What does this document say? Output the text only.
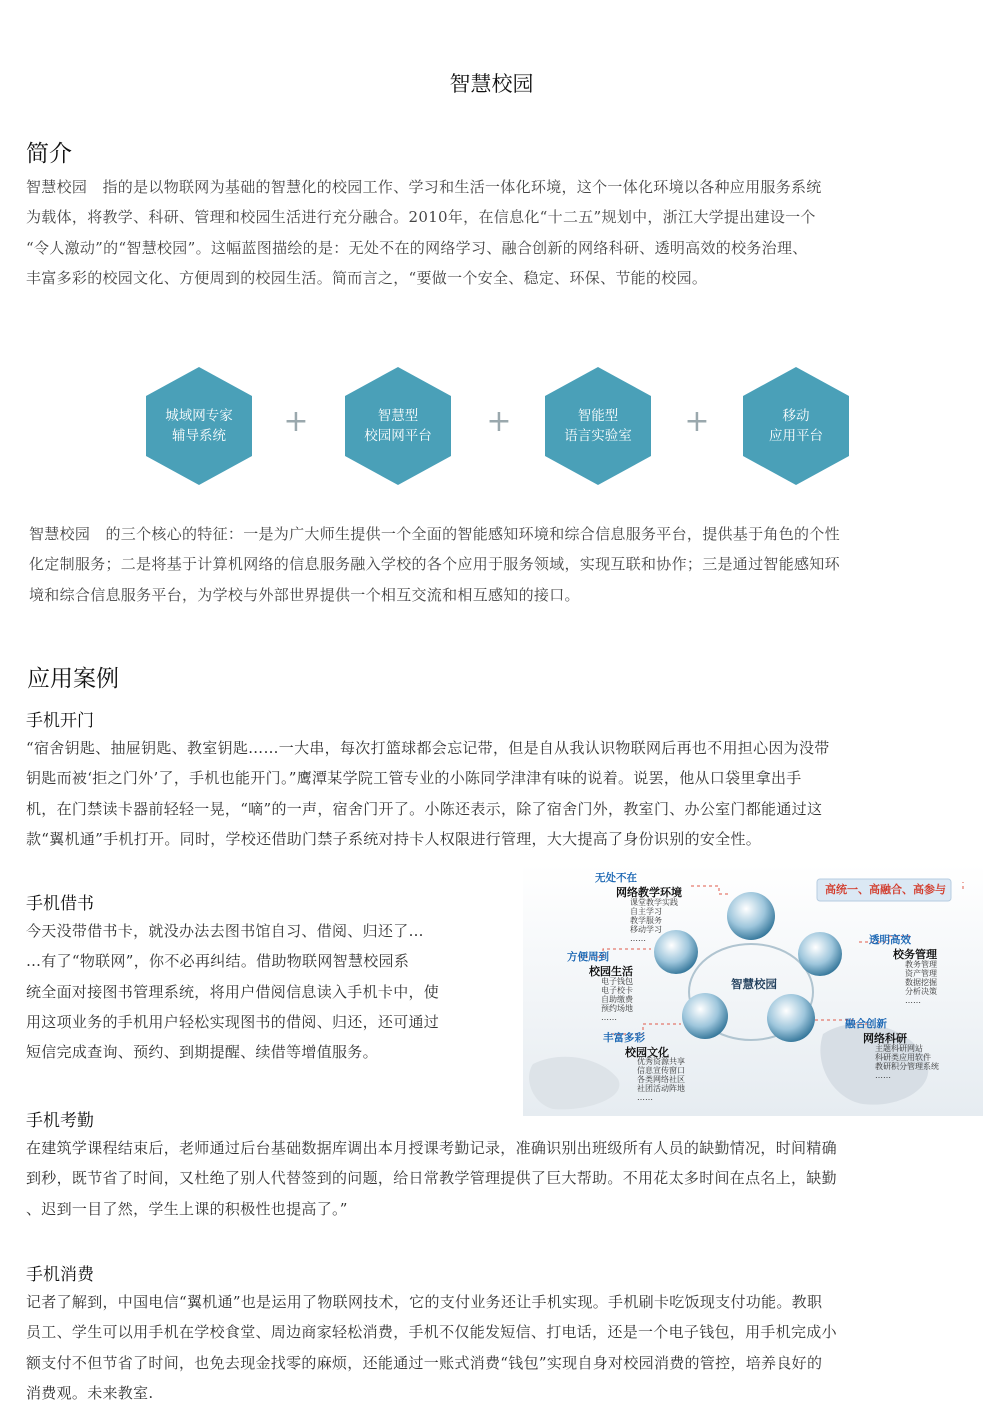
智慧校园
简介
智慧校园　指的是以物联网为基础的智慧化的校园工作、学习和生活一体化环境，这个一体化环境以各种应用服务系统
为载体，将教学、科研、管理和校园生活进行充分融合。2010年，在信息化“十二五”规划中，浙江大学提出建设一个
“令人激动”的“智慧校园”。这幅蓝图描绘的是：无处不在的网络学习、融合创新的网络科研、透明高效的校务治理、
丰富多彩的校园文化、方便周到的校园生活。简而言之，“要做一个安全、稳定、环保、节能的校园。
城域网专家
辅导系统 +	智慧型
校园网平台 +	智能型
语言实验室 +	移动
应用平台
智慧校园　的三个核心的特征：一是为广大师生提供一个全面的智能感知环境和综合信息服务平台，提供基于角色的个性
化定制服务；二是将基于计算机网络的信息服务融入学校的各个应用于服务领域，实现互联和协作；三是通过智能感知环
境和综合信息服务平台，为学校与外部世界提供一个相互交流和相互感知的接口。
应用案例
手机开门
“宿舍钥匙、抽屉钥匙、教室钥匙……一大串，每次打篮球都会忘记带，但是自从我认识物联网后再也不用担心因为没带
钥匙而被‘拒之门外’了，手机也能开门。”鹰潭某学院工管专业的小陈同学津津有味的说着。说罢，他从口袋里拿出手
机，在门禁读卡器前轻轻一晃，“嘀”的一声，宿舍门开了。小陈还表示，除了宿舍门外，教室门、办公室门都能通过这
款“翼机通”手机打开。同时，学校还借助门禁子系统对持卡人权限进行管理，大大提高了身份识别的安全性。
手机借书
今天没带借书卡，就没办法去图书馆自习、借阅、归还了…
…有了“物联网”，你不必再纠结。借助物联网智慧校园系
统全面对接图书管理系统，将用户借阅信息读入手机卡中，使
用这项业务的手机用户轻松实现图书的借阅、归还，还可通过
短信完成查询、预约、到期提醒、续借等增值服务。
高统一、高融合、高参与
智慧校园
无处不在
网络教学环境
课堂教学实践
自主学习
教学服务
移动学习
……	透明高效
校务管理
教务管理
资产管理
数据挖掘
分析决策
……
方便周到
校园生活
电子钱包
电子校卡
自助缴费
预约场地
……
融合创新
网络科研
主题科研网站
科研类应用软件
教研积分管理系统
……
丰富多彩
校园文化
优秀资源共享
信息宣传窗口
各类网络社区
社团活动阵地
……
手机考勤
在建筑学课程结束后，老师通过后台基础数据库调出本月授课考勤记录，准确识别出班级所有人员的缺勤情况，时间精确
到秒，既节省了时间，又杜绝了别人代替签到的问题，给日常教学管理提供了巨大帮助。不用花太多时间在点名上，缺勤
、迟到一目了然，学生上课的积极性也提高了。”
手机消费
记者了解到，中国电信“翼机通”也是运用了物联网技术，它的支付业务还让手机实现。手机刷卡吃饭现支付功能。教职
员工、学生可以用手机在学校食堂、周边商家轻松消费，手机不仅能发短信、打电话，还是一个电子钱包，用手机完成小
额支付不但节省了时间，也免去现金找零的麻烦，还能通过一账式消费“钱包”实现自身对校园消费的管控，培养良好的
消费观。未来教室.
